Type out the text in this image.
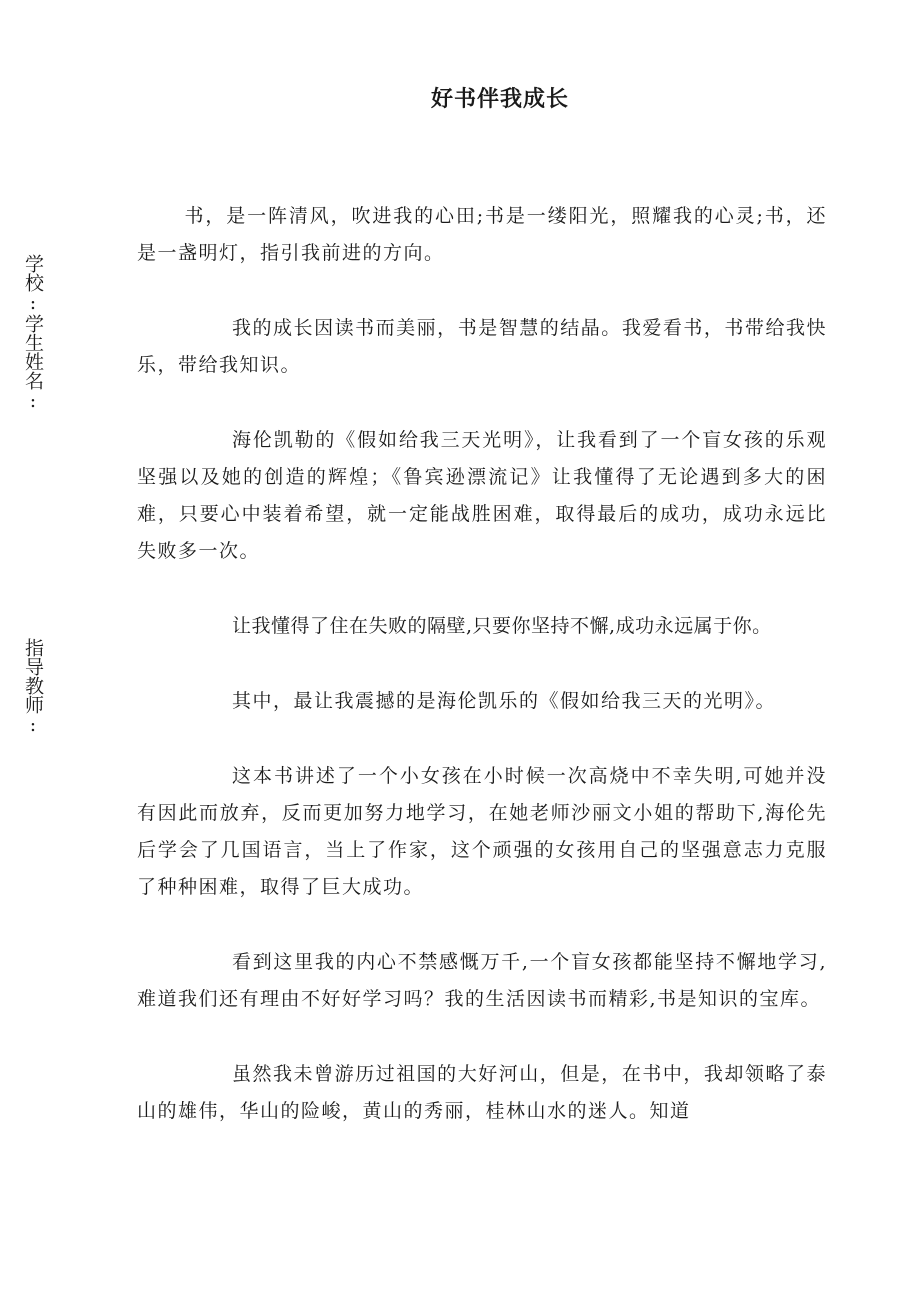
好书伴我成长
学校:学生姓名:
指导教师:

书，是一阵清风，吹进我的心田;书是一缕阳光，照耀我的心灵;书，还是一盏明灯，指引我前进的方向。

我的成长因读书而美丽，书是智慧的结晶。我爱看书，书带给我快乐，带给我知识。

海伦凯勒的《假如给我三天光明》，让我看到了一个盲女孩的乐观坚强以及她的创造的辉煌；《鲁宾逊漂流记》让我懂得了无论遇到多大的困难，只要心中装着希望，就一定能战胜困难，取得最后的成功，成功永远比失败多一次。

让我懂得了住在失败的隔壁,只要你坚持不懈,成功永远属于你。

其中，最让我震撼的是海伦凯乐的《假如给我三天的光明》。

这本书讲述了一个小女孩在小时候一次高烧中不幸失明,可她并没有因此而放弃，反而更加努力地学习，在她老师沙丽文小姐的帮助下,海伦先后学会了几国语言，当上了作家，这个顽强的女孩用自己的坚强意志力克服了种种困难，取得了巨大成功。

看到这里我的内心不禁感慨万千,一个盲女孩都能坚持不懈地学习,难道我们还有理由不好好学习吗？我的生活因读书而精彩,书是知识的宝库。

虽然我未曾游历过祖国的大好河山，但是，在书中，我却领略了泰山的雄伟，华山的险峻，黄山的秀丽，桂林山水的迷人。知道
